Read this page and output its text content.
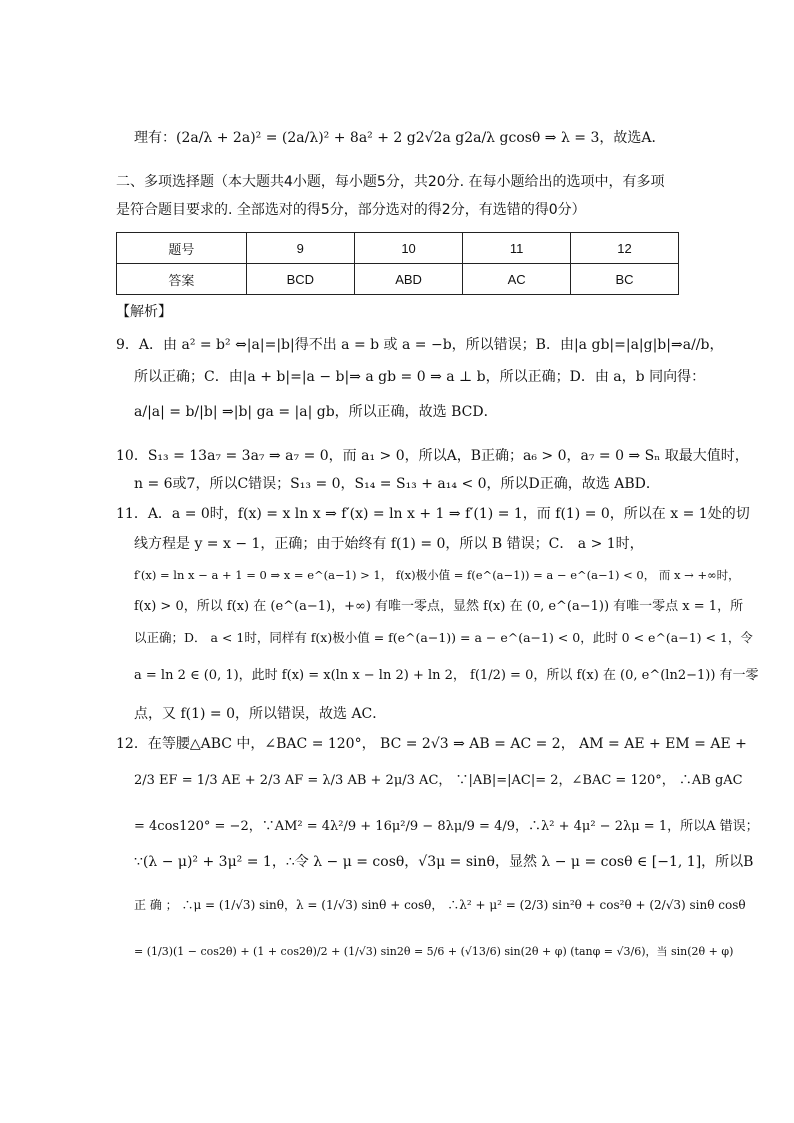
理有：(2a/λ + 2a)² = (2a/λ)² + 8a² + 2 g2√2a g2a/λ gcosθ ⇒ λ = 3，故选A．
二、多项选择题（本大题共4小题，每小题5分，共20分. 在每小题给出的选项中，有多项
是符合题目要求的. 全部选对的得5分，部分选对的得2分，有选错的得0分）
题号	9	10	11	12
答案	BCD	ABD	AC	BC
【解析】
9．A．由 a² = b² ⇔|a|=|b|得不出 a = b 或 a = −b，所以错误；B．由|a gb|=|a|g|b|⇒a//b，
所以正确；C．由|a + b|=|a − b|⇒ a gb = 0 ⇒ a ⊥ b，所以正确；D．由 a，b 同向得：
a/|a| = b/|b| ⇒|b| ga = |a| gb，所以正确，故选 BCD．
10．S₁₃ = 13a₇ = 3a₇ ⇒ a₇ = 0，而 a₁ > 0，所以A，B正确；a₆ > 0，a₇ = 0 ⇒ Sₙ 取最大值时，
n = 6或7，所以C错误；S₁₃ = 0，S₁₄ = S₁₃ + a₁₄ < 0，所以D正确，故选 ABD．
11．A．a = 0时，f(x) = x ln x ⇒ f′(x) = ln x + 1 ⇒ f′(1) = 1，而 f(1) = 0，所以在 x = 1处的切
线方程是 y = x − 1，正确；由于始终有 f(1) = 0，所以 B 错误；C． a > 1时，
f′(x) = ln x − a + 1 = 0 ⇒ x = e^(a−1) > 1， f(x)极小值 = f(e^(a−1)) = a − e^(a−1) < 0， 而 x → +∞时，
f(x) > 0，所以 f(x) 在 (e^(a−1)，+∞) 有唯一零点，显然 f(x) 在 (0, e^(a−1)) 有唯一零点 x = 1，所
以正确；D． a < 1时，同样有 f(x)极小值 = f(e^(a−1)) = a − e^(a−1) < 0，此时 0 < e^(a−1) < 1，令
a = ln 2 ∈ (0, 1)，此时 f(x) = x(ln x − ln 2) + ln 2， f(1/2) = 0，所以 f(x) 在 (0, e^(ln2−1)) 有一零
点，又 f(1) = 0，所以错误，故选 AC．
12．在等腰△ABC 中，∠BAC = 120°， BC = 2√3 ⇒ AB = AC = 2， AM = AE + EM = AE +
2/3 EF = 1/3 AE + 2/3 AF = λ/3 AB + 2μ/3 AC， ∵|AB|=|AC|= 2，∠BAC = 120°， ∴AB gAC
= 4cos120° = −2，∵AM² = 4λ²/9 + 16μ²/9 − 8λμ/9 = 4/9，∴λ² + 4μ² − 2λμ = 1，所以A 错误；
∵(λ − μ)² + 3μ² = 1，∴令 λ − μ = cosθ，√3μ = sinθ，显然 λ − μ = cosθ ∈ [−1, 1]，所以B
正 确 ； ∴μ = (1/√3) sinθ，λ = (1/√3) sinθ + cosθ， ∴λ² + μ² = (2/3) sin²θ + cos²θ + (2/√3) sinθ cosθ
= (1/3)(1 − cos2θ) + (1 + cos2θ)/2 + (1/√3) sin2θ = 5/6 + (√13/6) sin(2θ + φ) (tanφ = √3/6)，当 sin(2θ + φ)
